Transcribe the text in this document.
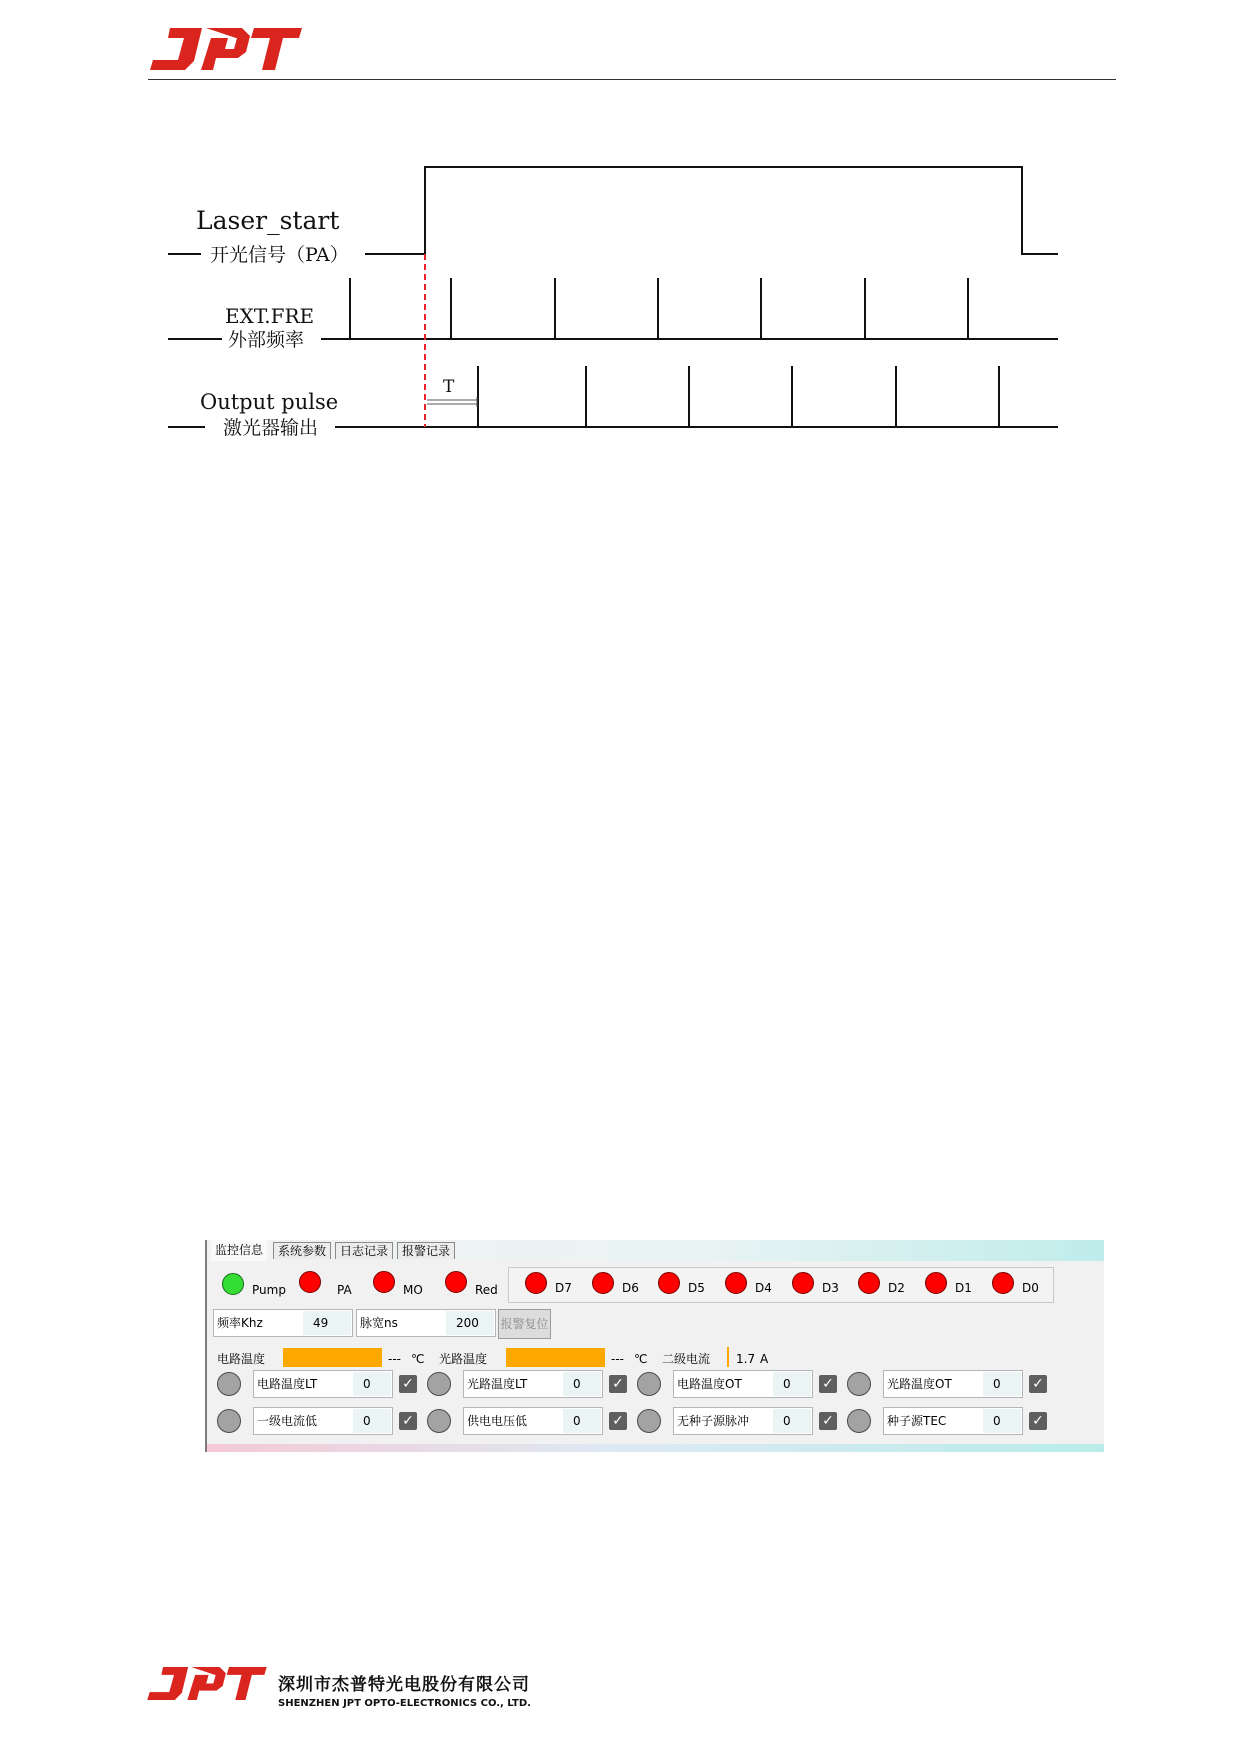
T
Laser_start
开光信号（PA）
EXT.FRE
外部频率
Output pulse
激光器输出
监控信息	系统参数	日志记录	报警记录
Pump	PA	MO	Red	D7	D6	D5	D4	D3	D2	D1	D0
频率Khz	49	脉宽ns	200	报警复位
电路温度	--- ℃ 光路温度	--- ℃ 二级电流 1.7 A
电路温度LT	0	✓	光路温度LT	0	✓	电路温度OT	0	✓	光路温度OT	0	✓
一级电流低	0	✓	供电电压低	0	✓	无种子源脉冲	0	✓	种子源TEC	0	✓
深圳市杰普特光电股份有限公司
SHENZHEN JPT OPTO-ELECTRONICS CO., LTD.
